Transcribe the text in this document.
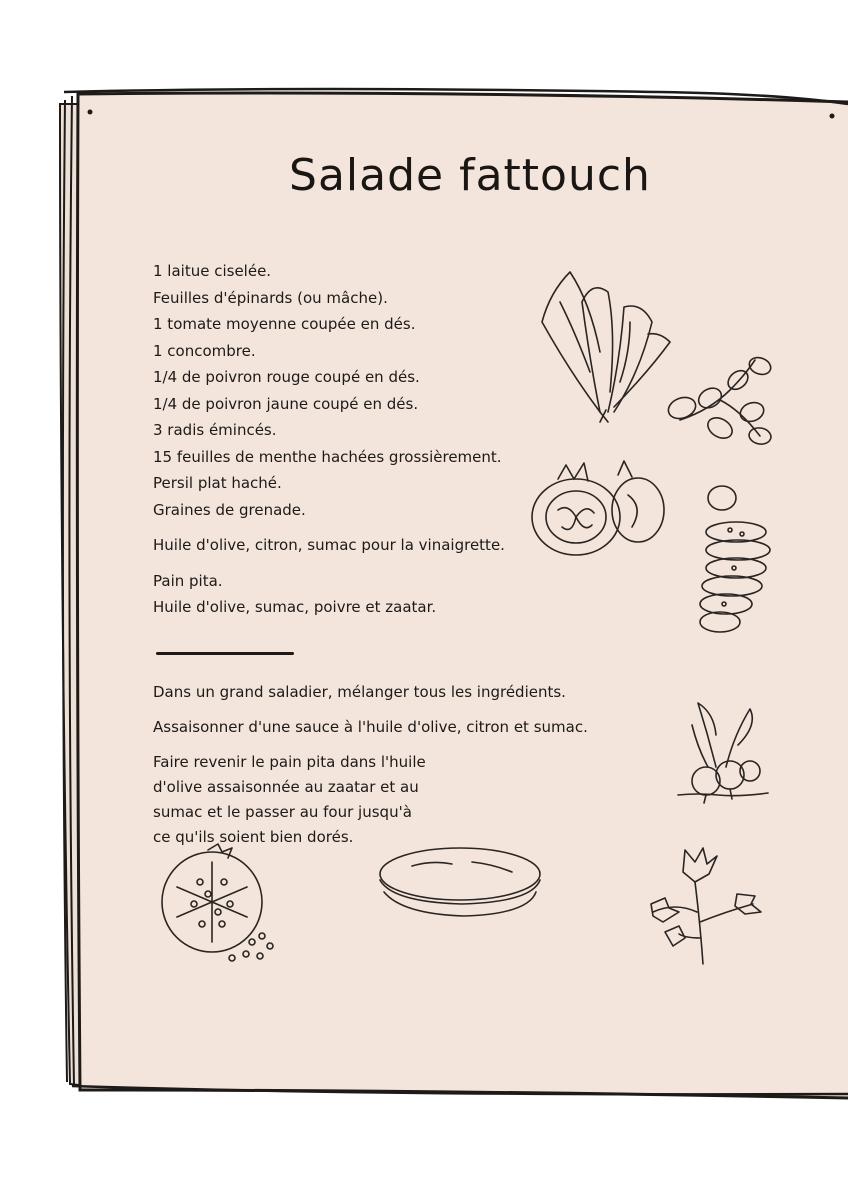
Salade fattouch
1 laitue ciselée.
Feuilles d'épinards (ou mâche).
1 tomate moyenne coupée en dés.
1 concombre.
1/4 de poivron rouge coupé en dés.
1/4 de poivron jaune coupé en dés.
3 radis émincés.
15 feuilles de menthe hachées grossièrement.
Persil plat haché.
Graines de grenade.
Huile d'olive, citron, sumac pour la vinaigrette.
Pain pita.
Huile d'olive, sumac, poivre et zaatar.

Dans un grand saladier, mélanger tous les ingrédients.

Assaisonner d'une sauce à l'huile d'olive, citron et sumac.

Faire revenir le pain pita dans l'huile d'olive assaisonnée au zaatar et au sumac et le passer au four jusqu'à ce qu'ils soient bien dorés.
